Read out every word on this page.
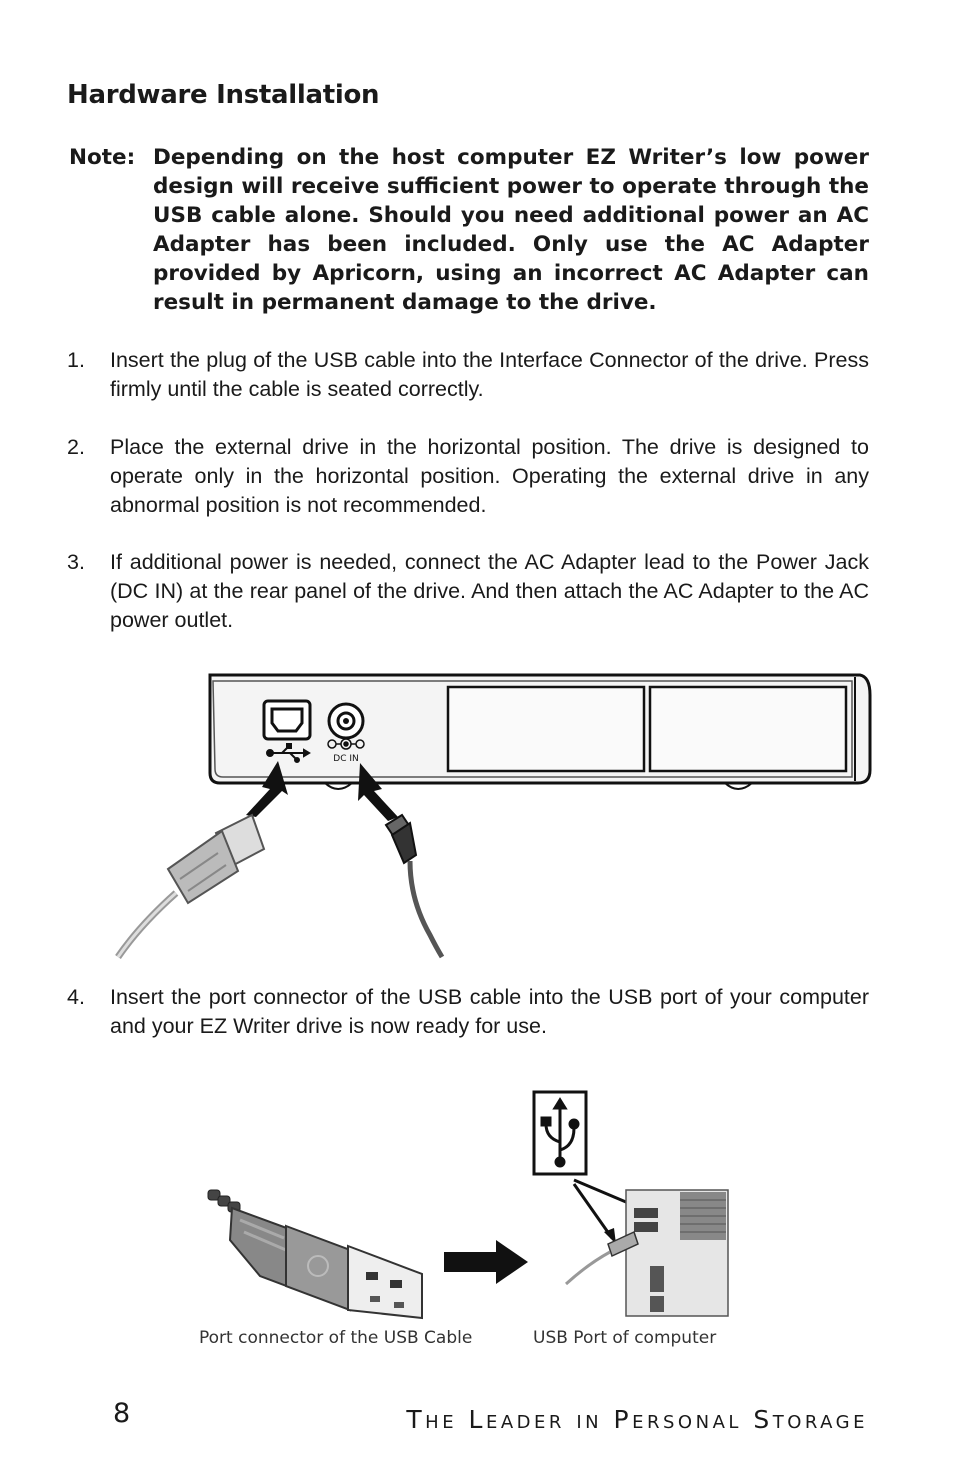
Hardware Installation
Note: Depending on the host computer EZ Writer’s low power design will receive sufficient power to operate through the USB cable alone. Should you need additional power an AC Adapter has been included. Only use the AC Adapter provided by Apricorn, using an incorrect AC Adapter can result in permanent damage to the drive.
1. Insert the plug of the USB cable into the Interface Connector of the drive. Press firmly until the cable is seated correctly.
2. Place the external drive in the horizontal position. The drive is designed to operate only in the horizontal position. Operating the external drive in any abnormal position is not recommended.
3. If additional power is needed, connect the AC Adapter lead to the Power Jack (DC IN) at the rear panel of the drive. And then attach the AC Adapter to the AC power outlet.
DC IN
4. Insert the port connector of the USB cable into the USB port of your computer and your EZ Writer drive is now ready for use.
Port connector of the USB Cable	USB Port of computer
8	The Leader in Personal Storage
